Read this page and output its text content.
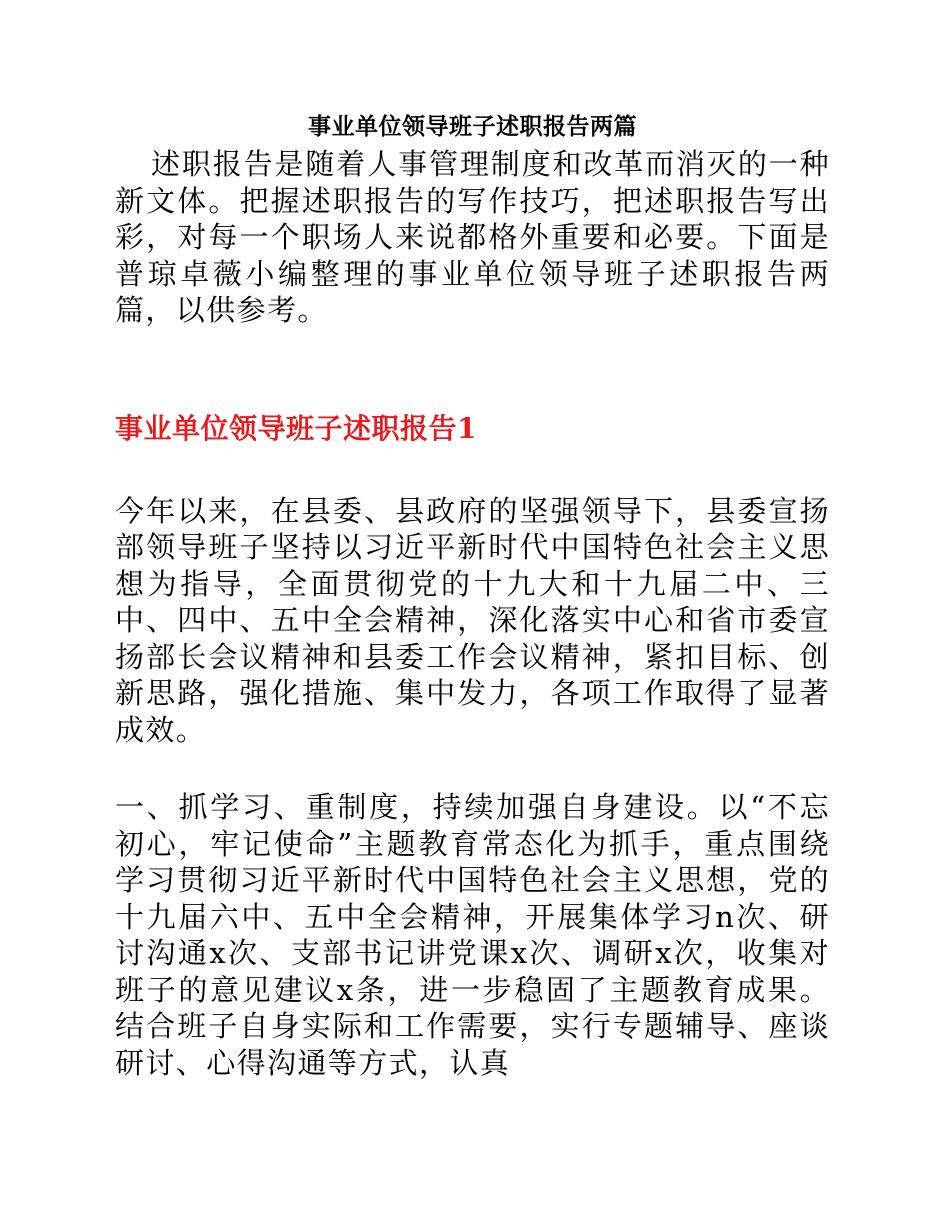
事业单位领导班子述职报告两篇

述职报告是随着人事管理制度和改革而消灭的一种新文体。把握述职报告的写作技巧，把述职报告写出彩，对每一个职场人来说都格外重要和必要。下面是普琼卓薇小编整理的事业单位领导班子述职报告两篇，以供参考。

事业单位领导班子述职报告1

今年以来，在县委、县政府的坚强领导下，县委宣扬部领导班子坚持以习近平新时代中国特色社会主义思想为指导，全面贯彻党的十九大和十九届二中、三中、四中、五中全会精神，深化落实中心和省市委宣扬部长会议精神和县委工作会议精神，紧扣目标、创新思路，强化措施、集中发力，各项工作取得了显著成效。

一、抓学习、重制度，持续加强自身建设。以“不忘初心，牢记使命”主题教育常态化为抓手，重点围绕学习贯彻习近平新时代中国特色社会主义思想，党的十九届六中、五中全会精神，开展集体学习n次、研讨沟通x次、支部书记讲党课x次、调研x次，收集对班子的意见建议x条，进一步稳固了主题教育成果。结合班子自身实际和工作需要，实行专题辅导、座谈研讨、心得沟通等方式，认真
